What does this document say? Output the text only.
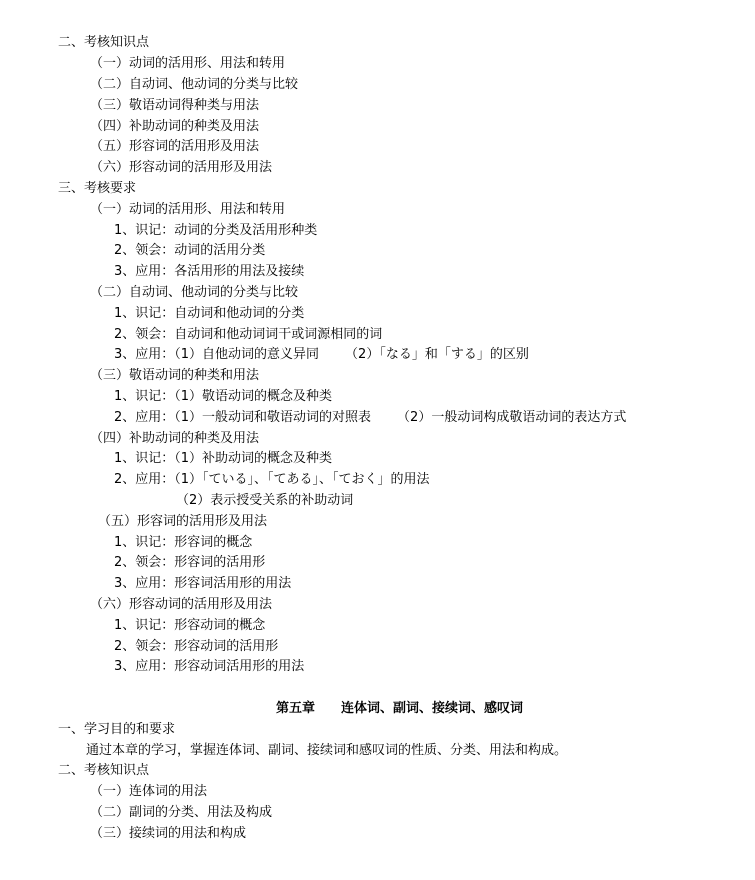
二、考核知识点
（一）动词的活用形、用法和转用
（二）自动词、他动词的分类与比较
（三）敬语动词得种类与用法
（四）补助动词的种类及用法
（五）形容词的活用形及用法
（六）形容动词的活用形及用法
三、考核要求
（一）动词的活用形、用法和转用
1、识记：动词的分类及活用形种类
2、领会：动词的活用分类
3、应用：各活用形的用法及接续
（二）自动词、他动词的分类与比较
1、识记：自动词和他动词的分类
2、领会：自动词和他动词词干或词源相同的词
3、应用：（1）自他动词的意义异同 （2）「なる」和「する」的区别
（三）敬语动词的种类和用法
1、识记：（1）敬语动词的概念及种类
2、应用：（1）一般动词和敬语动词的对照表 （2）一般动词构成敬语动词的表达方式
（四）补助动词的种类及用法
1、识记：（1）补助动词的概念及种类
2、应用：（1）「ている」、「てある」、「ておく」的用法
（2）表示授受关系的补助动词
（五）形容词的活用形及用法
1、识记：形容词的概念
2、领会：形容词的活用形
3、应用：形容词活用形的用法
（六）形容动词的活用形及用法
1、识记：形容动词的概念
2、领会：形容动词的活用形
3、应用：形容动词活用形的用法
第五章 连体词、副词、接续词、感叹词
一、学习目的和要求
通过本章的学习，掌握连体词、副词、接续词和感叹词的性质、分类、用法和构成。
二、考核知识点
（一）连体词的用法
（二）副词的分类、用法及构成
（三）接续词的用法和构成
